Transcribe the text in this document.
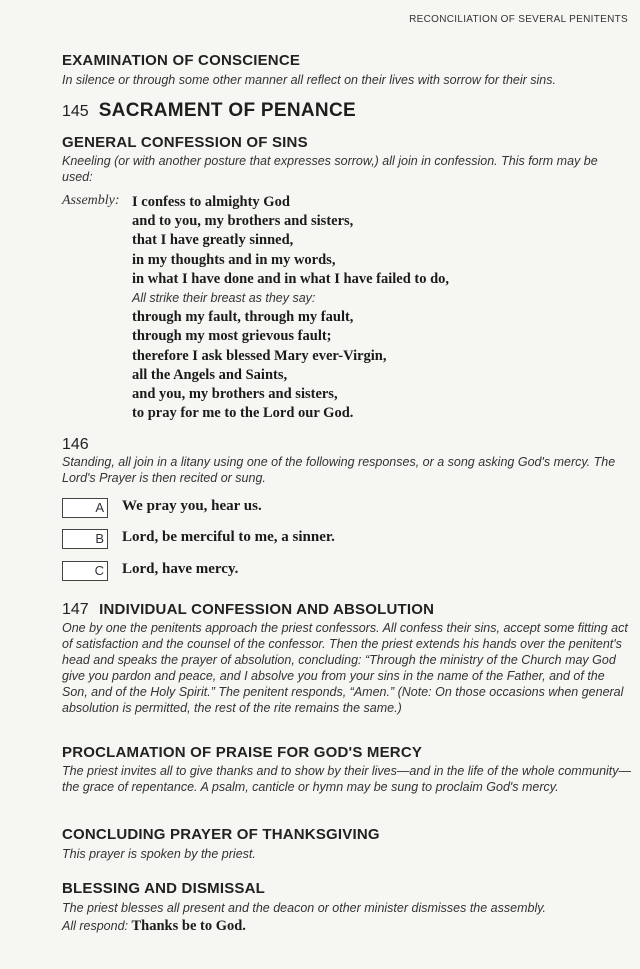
RECONCILIATION OF SEVERAL PENITENTS
EXAMINATION OF CONSCIENCE

In silence or through some other manner all reflect on their lives with sorrow for their sins.

145 SACRAMENT OF PENANCE
GENERAL CONFESSION OF SINS

Kneeling (or with another posture that expresses sorrow,) all join in confession. This form may be used:

Assembly: I confess to almighty God
and to you, my brothers and sisters,
that I have greatly sinned,
in my thoughts and in my words,
in what I have done and in what I have failed to do,
All strike their breast as they say:
through my fault, through my fault,
through my most grievous fault;
therefore I ask blessed Mary ever-Virgin,
all the Angels and Saints,
and you, my brothers and sisters,
to pray for me to the Lord our God.
146

Standing, all join in a litany using one of the following responses, or a song asking God's mercy. The Lord's Prayer is then recited or sung.

A We pray you, hear us.
B Lord, be merciful to me, a sinner.
C Lord, have mercy.
147 INDIVIDUAL CONFESSION AND ABSOLUTION

One by one the penitents approach the priest confessors. All confess their sins, accept some fitting act of satisfaction and the counsel of the confessor. Then the priest extends his hands over the penitent's head and speaks the prayer of absolution, concluding: “Through the ministry of the Church may God give you pardon and peace, and I absolve you from your sins in the name of the Father, and of the Son, and of the Holy Spirit.” The penitent responds, “Amen.” (Note: On those occasions when general absolution is permitted, the rest of the rite remains the same.)

PROCLAMATION OF PRAISE FOR GOD'S MERCY

The priest invites all to give thanks and to show by their lives—and in the life of the whole community—the grace of repentance. A psalm, canticle or hymn may be sung to proclaim God's mercy.

CONCLUDING PRAYER OF THANKSGIVING

This prayer is spoken by the priest.

BLESSING AND DISMISSAL

The priest blesses all present and the deacon or other minister dismisses the assembly.

All respond: Thanks be to God.
